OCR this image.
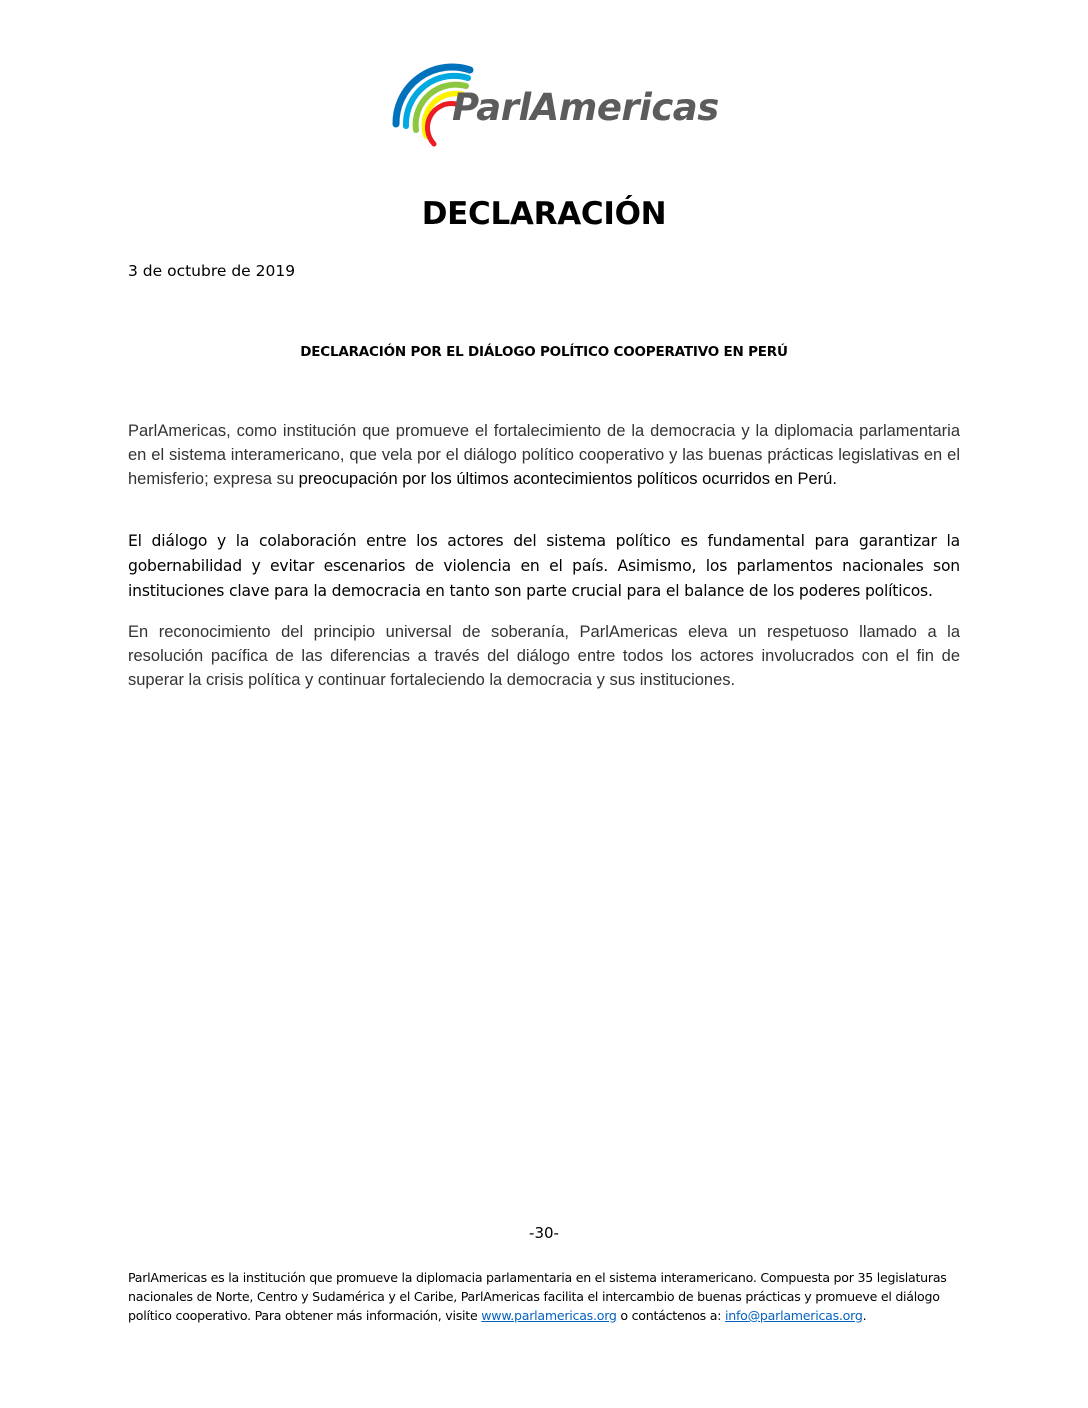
ParlAmericas
DECLARACIÓN

3 de octubre de 2019

DECLARACIÓN POR EL DIÁLOGO POLÍTICO COOPERATIVO EN PERÚ

ParlAmericas, como institución que promueve el fortalecimiento de la democracia y la diplomacia parlamentaria en el sistema interamericano, que vela por el diálogo político cooperativo y las buenas prácticas legislativas en el hemisferio; expresa su preocupación por los últimos acontecimientos políticos ocurridos en Perú.

El diálogo y la colaboración entre los actores del sistema político es fundamental para garantizar la gobernabilidad y evitar escenarios de violencia en el país. Asimismo, los parlamentos nacionales son instituciones clave para la democracia en tanto son parte crucial para el balance de los poderes políticos.

En reconocimiento del principio universal de soberanía, ParlAmericas eleva un respetuoso llamado a la resolución pacífica de las diferencias a través del diálogo entre todos los actores involucrados con el fin de superar la crisis política y continuar fortaleciendo la democracia y sus instituciones.

-30-

ParlAmericas es la institución que promueve la diplomacia parlamentaria en el sistema interamericano. Compuesta por 35 legislaturas nacionales de Norte, Centro y Sudamérica y el Caribe, ParlAmericas facilita el intercambio de buenas prácticas y promueve el diálogo político cooperativo. Para obtener más información, visite www.parlamericas.org o contáctenos a: info@parlamericas.org.
